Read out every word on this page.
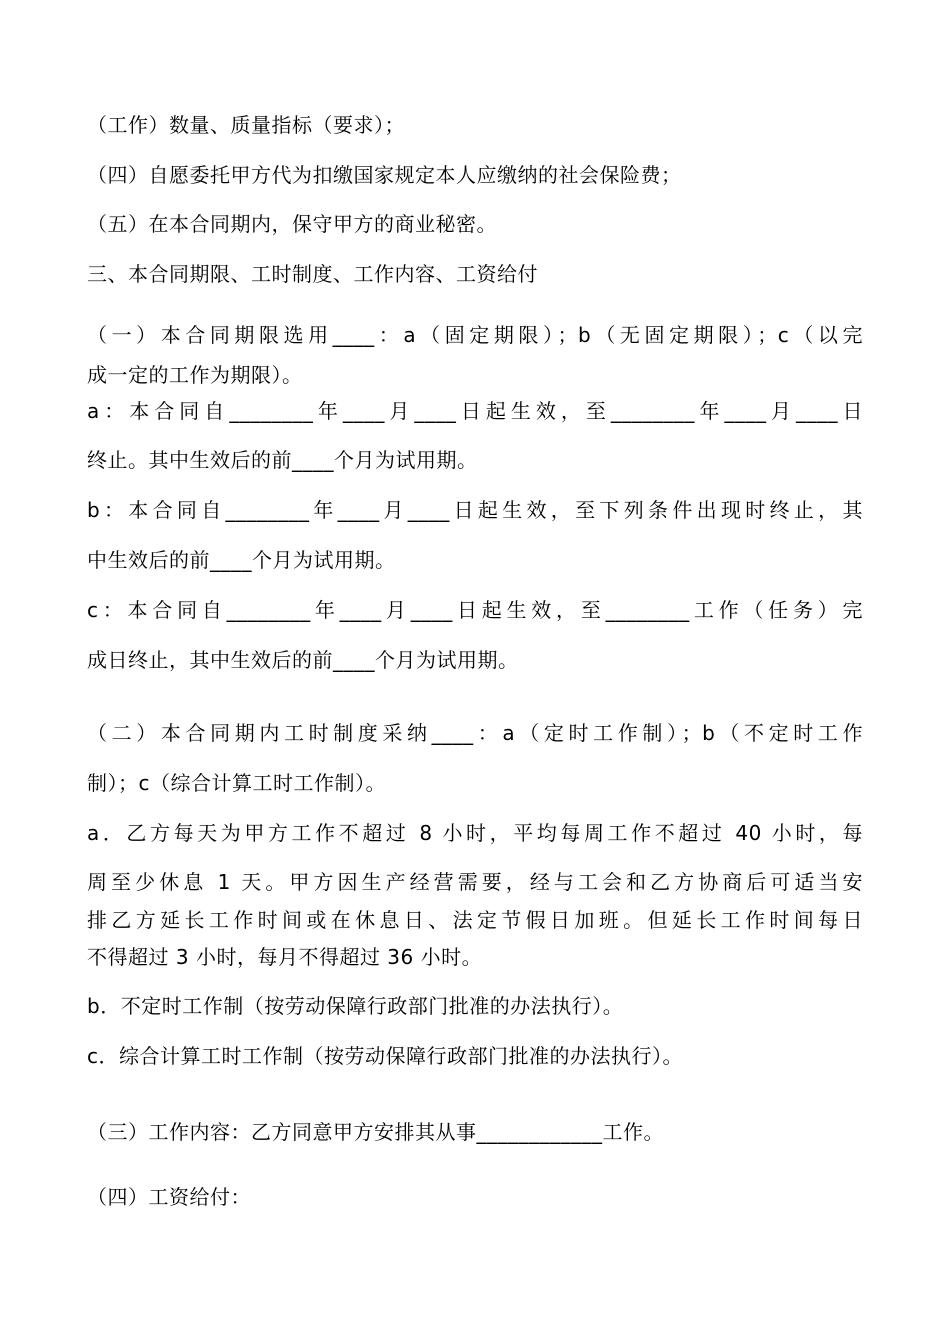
（工作）数量、质量指标（要求）；
（四）自愿委托甲方代为扣缴国家规定本人应缴纳的社会保险费；
（五）在本合同期内，保守甲方的商业秘密。
三、本合同期限、工时制度、工作内容、工资给付
（一）本合同期限选用____：a（固定期限）；b（无固定期限）；c（以完
成一定的工作为期限）。
a：本合同自________年____月____日起生效，至________年____月____日
终止。其中生效后的前____个月为试用期。
b：本合同自________年____月____日起生效，至下列条件出现时终止，其
中生效后的前____个月为试用期。
c：本合同自________年____月____日起生效，至________工作（任务）完
成日终止，其中生效后的前____个月为试用期。
（二）本合同期内工时制度采纳____：a（定时工作制）；b（不定时工作
制）；c（综合计算工时工作制）。
a．乙方每天为甲方工作不超过 8 小时，平均每周工作不超过 40 小时，每
周至少休息 1 天。甲方因生产经营需要，经与工会和乙方协商后可适当安
排乙方延长工作时间或在休息日、法定节假日加班。但延长工作时间每日
不得超过 3 小时，每月不得超过 36 小时。
b．不定时工作制（按劳动保障行政部门批准的办法执行）。
c．综合计算工时工作制（按劳动保障行政部门批准的办法执行）。
（三）工作内容：乙方同意甲方安排其从事____________工作。
（四）工资给付：
